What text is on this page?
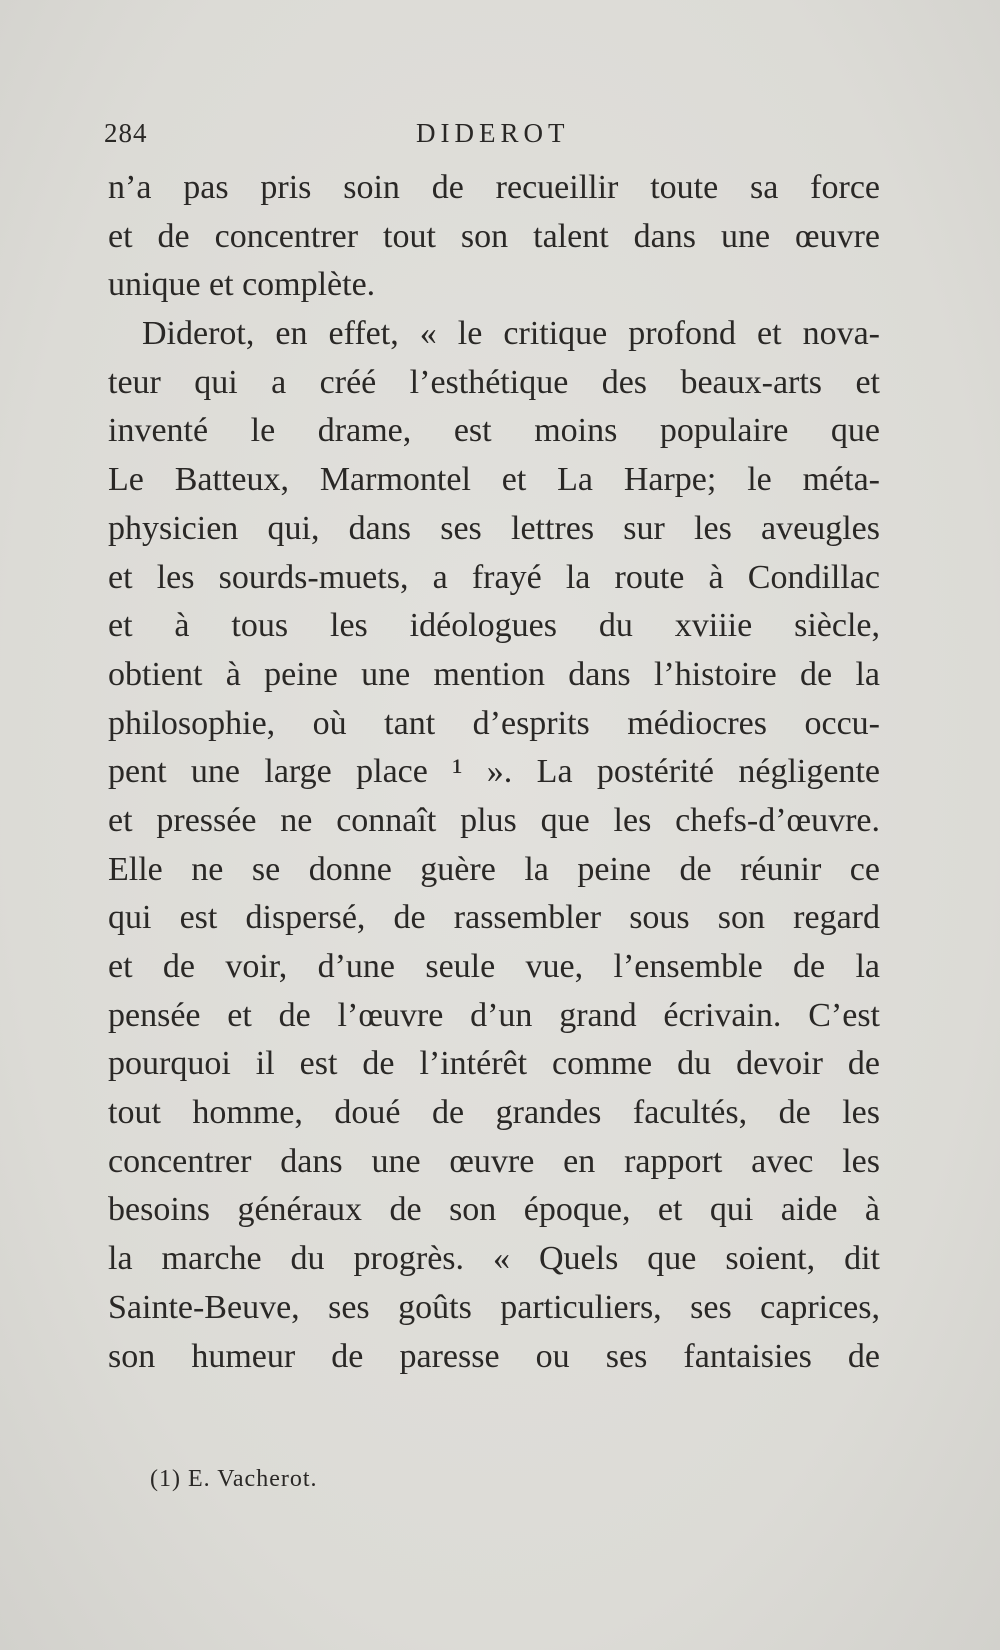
284	DIDEROT
n’a pas pris soin de recueillir toute sa force
et de concentrer tout son talent dans une œuvre
unique et complète.
Diderot, en effet, « le critique profond et nova-
teur qui a créé l’esthétique des beaux-arts et
inventé le drame, est moins populaire que
Le Batteux, Marmontel et La Harpe; le méta-
physicien qui, dans ses lettres sur les aveugles
et les sourds-muets, a frayé la route à Condillac
et à tous les idéologues du xviiie siècle,
obtient à peine une mention dans l’histoire de la
philosophie, où tant d’esprits médiocres occu-
pent une large place ¹ ». La postérité négligente
et pressée ne connaît plus que les chefs-d’œuvre.
Elle ne se donne guère la peine de réunir ce
qui est dispersé, de rassembler sous son regard
et de voir, d’une seule vue, l’ensemble de la
pensée et de l’œuvre d’un grand écrivain. C’est
pourquoi il est de l’intérêt comme du devoir de
tout homme, doué de grandes facultés, de les
concentrer dans une œuvre en rapport avec les
besoins généraux de son époque, et qui aide à
la marche du progrès. « Quels que soient, dit
Sainte-Beuve, ses goûts particuliers, ses caprices,
son humeur de paresse ou ses fantaisies de
(1) E. Vacherot.
